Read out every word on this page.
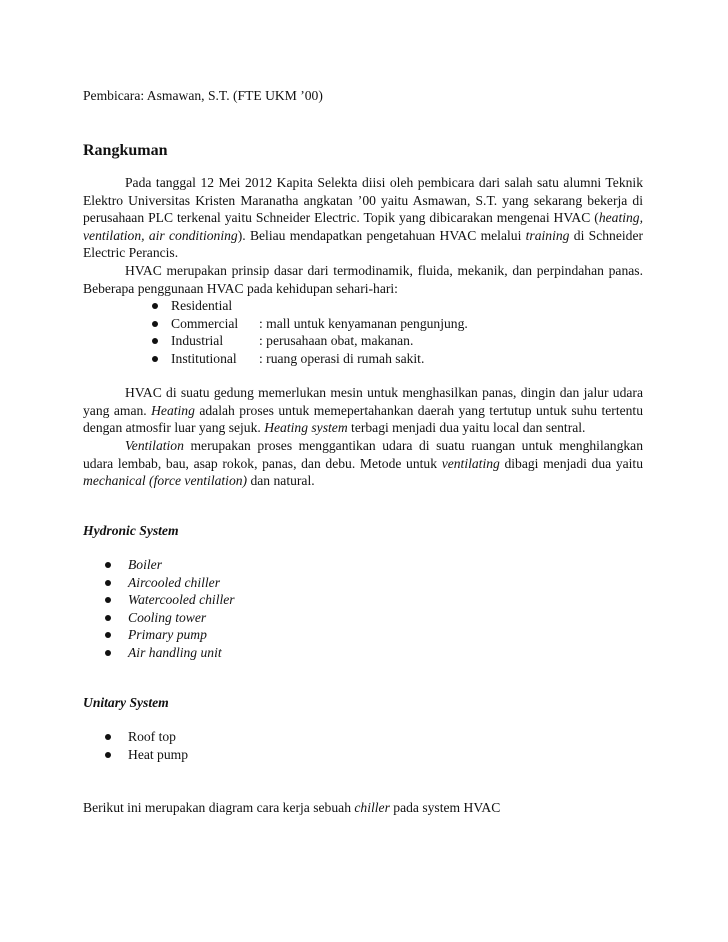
Pembicara: Asmawan, S.T. (FTE UKM ’00)

Rangkuman

Pada tanggal 12 Mei 2012 Kapita Selekta diisi oleh pembicara dari salah satu alumni Teknik Elektro Universitas Kristen Maranatha angkatan ’00 yaitu Asmawan, S.T. yang sekarang bekerja di perusahaan PLC terkenal yaitu Schneider Electric. Topik yang dibicarakan mengenai HVAC (heating, ventilation, air conditioning). Beliau mendapatkan pengetahuan HVAC melalui training di Schneider Electric Perancis.

HVAC merupakan prinsip dasar dari termodinamik, fluida, mekanik, dan perpindahan panas. Beberapa penggunaan HVAC pada kehidupan sehari-hari:

Residential
Commercial : mall untuk kenyamanan pengunjung.
Industrial	: perusahaan obat, makanan.
Institutional : ruang operasi di rumah sakit.

HVAC di suatu gedung memerlukan mesin untuk menghasilkan panas, dingin dan jalur udara yang aman. Heating adalah proses untuk memepertahankan daerah yang tertutup untuk suhu tertentu dengan atmosfir luar yang sejuk. Heating system terbagi menjadi dua yaitu local dan sentral.

Ventilation merupakan proses menggantikan udara di suatu ruangan untuk menghilangkan udara lembab, bau, asap rokok, panas, dan debu. Metode untuk ventilating dibagi menjadi dua yaitu mechanical (force ventilation) dan natural.

Hydronic System

Boiler
Aircooled chiller
Watercooled chiller
Cooling tower
Primary pump
Air handling unit

Unitary System

Roof top
Heat pump

Berikut ini merupakan diagram cara kerja sebuah chiller pada system HVAC
